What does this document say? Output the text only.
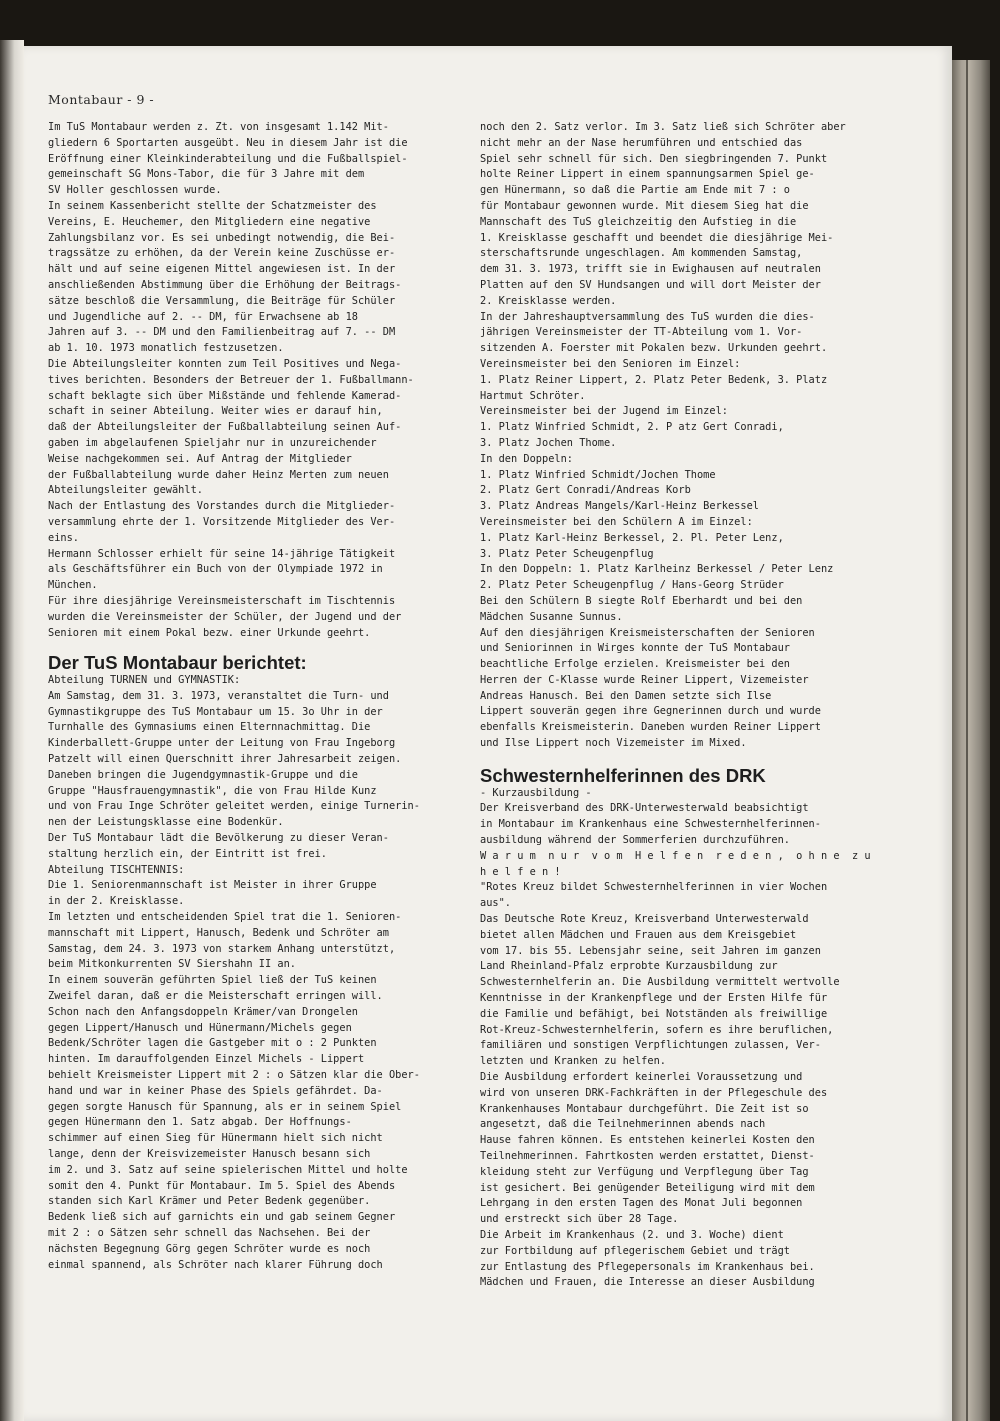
Montabaur - 9 -

Im TuS Montabaur werden z. Zt. von insgesamt 1.142 Mit-

gliedern 6 Sportarten ausgeübt. Neu in diesem Jahr ist die

Eröffnung einer Kleinkinderabteilung und die Fußballspiel-

gemeinschaft SG Mons-Tabor, die für 3 Jahre mit dem

SV Holler geschlossen wurde.

In seinem Kassenbericht stellte der Schatzmeister des

Vereins, E. Heuchemer, den Mitgliedern eine negative

Zahlungsbilanz vor. Es sei unbedingt notwendig, die Bei-

tragssätze zu erhöhen, da der Verein keine Zuschüsse er-

hält und auf seine eigenen Mittel angewiesen ist. In der

anschließenden Abstimmung über die Erhöhung der Beitrags-

sätze beschloß die Versammlung, die Beiträge für Schüler

und Jugendliche auf 2. -- DM, für Erwachsene ab 18

Jahren auf 3. -- DM und den Familienbeitrag auf 7. -- DM

ab 1. 10. 1973 monatlich festzusetzen.

Die Abteilungsleiter konnten zum Teil Positives und Nega-

tives berichten. Besonders der Betreuer der 1. Fußballmann-

schaft beklagte sich über Mißstände und fehlende Kamerad-

schaft in seiner Abteilung. Weiter wies er darauf hin,

daß der Abteilungsleiter der Fußballabteilung seinen Auf-

gaben im abgelaufenen Spieljahr nur in unzureichender

Weise nachgekommen sei. Auf Antrag der Mitglieder

der Fußballabteilung wurde daher Heinz Merten zum neuen

Abteilungsleiter gewählt.

Nach der Entlastung des Vorstandes durch die Mitglieder-

versammlung ehrte der 1. Vorsitzende Mitglieder des Ver-

eins.

Hermann Schlosser erhielt für seine 14-jährige Tätigkeit

als Geschäftsführer ein Buch von der Olympiade 1972 in

München.

Für ihre diesjährige Vereinsmeisterschaft im Tischtennis

wurden die Vereinsmeister der Schüler, der Jugend und der

Senioren mit einem Pokal bezw. einer Urkunde geehrt.

Der TuS Montabaur berichtet:

Abteilung TURNEN und GYMNASTIK:

Am Samstag, dem 31. 3. 1973, veranstaltet die Turn- und

Gymnastikgruppe des TuS Montabaur um 15. 3o Uhr in der

Turnhalle des Gymnasiums einen Elternnachmittag. Die

Kinderballett-Gruppe unter der Leitung von Frau Ingeborg

Patzelt will einen Querschnitt ihrer Jahresarbeit zeigen.

Daneben bringen die Jugendgymnastik-Gruppe und die

Gruppe "Hausfrauengymnastik", die von Frau Hilde Kunz

und von Frau Inge Schröter geleitet werden, einige Turnerin-

nen der Leistungsklasse eine Bodenkür.

Der TuS Montabaur lädt die Bevölkerung zu dieser Veran-

staltung herzlich ein, der Eintritt ist frei.

Abteilung TISCHTENNIS:

Die 1. Seniorenmannschaft ist Meister in ihrer Gruppe

in der 2. Kreisklasse.

Im letzten und entscheidenden Spiel trat die 1. Senioren-

mannschaft mit Lippert, Hanusch, Bedenk und Schröter am

Samstag, dem 24. 3. 1973 von starkem Anhang unterstützt,

beim Mitkonkurrenten SV Siershahn II an.

In einem souverän geführten Spiel ließ der TuS keinen

Zweifel daran, daß er die Meisterschaft erringen will.

Schon nach den Anfangsdoppeln Krämer/van Drongelen

gegen Lippert/Hanusch und Hünermann/Michels gegen

Bedenk/Schröter lagen die Gastgeber mit o : 2 Punkten

hinten. Im darauffolgenden Einzel Michels - Lippert

behielt Kreismeister Lippert mit 2 : o Sätzen klar die Ober-

hand und war in keiner Phase des Spiels gefährdet. Da-

gegen sorgte Hanusch für Spannung, als er in seinem Spiel

gegen Hünermann den 1. Satz abgab. Der Hoffnungs-

schimmer auf einen Sieg für Hünermann hielt sich nicht

lange, denn der Kreisvizemeister Hanusch besann sich

im 2. und 3. Satz auf seine spielerischen Mittel und holte

somit den 4. Punkt für Montabaur. Im 5. Spiel des Abends

standen sich Karl Krämer und Peter Bedenk gegenüber.

Bedenk ließ sich auf garnichts ein und gab seinem Gegner

mit 2 : o Sätzen sehr schnell das Nachsehen. Bei der

nächsten Begegnung Görg gegen Schröter wurde es noch

einmal spannend, als Schröter nach klarer Führung doch

noch den 2. Satz verlor. Im 3. Satz ließ sich Schröter aber

nicht mehr an der Nase herumführen und entschied das

Spiel sehr schnell für sich. Den siegbringenden 7. Punkt

holte Reiner Lippert in einem spannungsarmen Spiel ge-

gen Hünermann, so daß die Partie am Ende mit 7 : o

für Montabaur gewonnen wurde. Mit diesem Sieg hat die

Mannschaft des TuS gleichzeitig den Aufstieg in die

1. Kreisklasse geschafft und beendet die diesjährige Mei-

sterschaftsrunde ungeschlagen. Am kommenden Samstag,

dem 31. 3. 1973, trifft sie in Ewighausen auf neutralen

Platten auf den SV Hundsangen und will dort Meister der

2. Kreisklasse werden.

In der Jahreshauptversammlung des TuS wurden die dies-

jährigen Vereinsmeister der TT-Abteilung vom 1. Vor-

sitzenden A. Foerster mit Pokalen bezw. Urkunden geehrt.

Vereinsmeister bei den Senioren im Einzel:

1. Platz Reiner Lippert, 2. Platz Peter Bedenk, 3. Platz

Hartmut Schröter.

Vereinsmeister bei der Jugend im Einzel:

1. Platz Winfried Schmidt, 2. P atz Gert Conradi,

3. Platz Jochen Thome.

In den Doppeln:

1. Platz Winfried Schmidt/Jochen Thome

2. Platz Gert Conradi/Andreas Korb

3. Platz Andreas Mangels/Karl-Heinz Berkessel

Vereinsmeister bei den Schülern A im Einzel:

1. Platz Karl-Heinz Berkessel, 2. Pl. Peter Lenz,

3. Platz Peter Scheugenpflug

In den Doppeln: 1. Platz Karlheinz Berkessel / Peter Lenz

2. Platz Peter Scheugenpflug / Hans-Georg Strüder

Bei den Schülern B siegte Rolf Eberhardt und bei den

Mädchen Susanne Sunnus.

Auf den diesjährigen Kreismeisterschaften der Senioren

und Seniorinnen in Wirges konnte der TuS Montabaur

beachtliche Erfolge erzielen. Kreismeister bei den

Herren der C-Klasse wurde Reiner Lippert, Vizemeister

Andreas Hanusch. Bei den Damen setzte sich Ilse

Lippert souverän gegen ihre Gegnerinnen durch und wurde

ebenfalls Kreismeisterin. Daneben wurden Reiner Lippert

und Ilse Lippert noch Vizemeister im Mixed.

Schwesternhelferinnen des DRK

- Kurzausbildung -

Der Kreisverband des DRK-Unterwesterwald beabsichtigt

in Montabaur im Krankenhaus eine Schwesternhelferinnen-

ausbildung während der Sommerferien durchzuführen.

W a r u m  n u r  v o m  H e l f e n  r e d e n ,  o h n e  z u

h e l f e n !

"Rotes Kreuz bildet Schwesternhelferinnen in vier Wochen

aus".

Das Deutsche Rote Kreuz, Kreisverband Unterwesterwald

bietet allen Mädchen und Frauen aus dem Kreisgebiet

vom 17. bis 55. Lebensjahr seine, seit Jahren im ganzen

Land Rheinland-Pfalz erprobte Kurzausbildung zur

Schwesternhelferin an. Die Ausbildung vermittelt wertvolle

Kenntnisse in der Krankenpflege und der Ersten Hilfe für

die Familie und befähigt, bei Notständen als freiwillige

Rot-Kreuz-Schwesternhelferin, sofern es ihre beruflichen,

familiären und sonstigen Verpflichtungen zulassen, Ver-

letzten und Kranken zu helfen.

Die Ausbildung erfordert keinerlei Voraussetzung und

wird von unseren DRK-Fachkräften in der Pflegeschule des

Krankenhauses Montabaur durchgeführt. Die Zeit ist so

angesetzt, daß die Teilnehmerinnen abends nach

Hause fahren können. Es entstehen keinerlei Kosten den

Teilnehmerinnen. Fahrtkosten werden erstattet, Dienst-

kleidung steht zur Verfügung und Verpflegung über Tag

ist gesichert. Bei genügender Beteiligung wird mit dem

Lehrgang in den ersten Tagen des Monat Juli begonnen

und erstreckt sich über 28 Tage.

Die Arbeit im Krankenhaus (2. und 3. Woche) dient

zur Fortbildung auf pflegerischem Gebiet und trägt

zur Entlastung des Pflegepersonals im Krankenhaus bei.

Mädchen und Frauen, die Interesse an dieser Ausbildung
